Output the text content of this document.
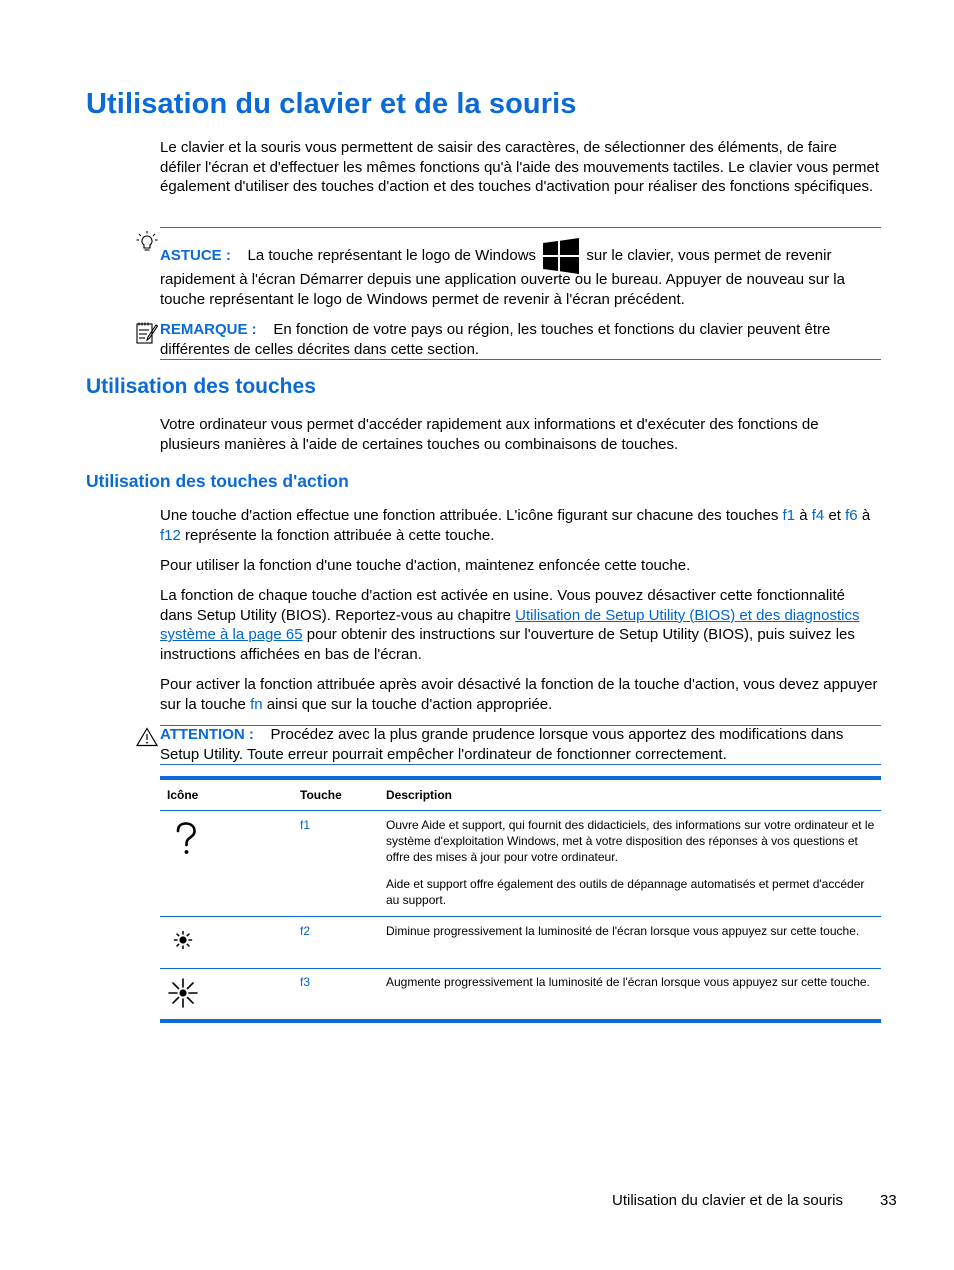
Utilisation du clavier et de la souris

Le clavier et la souris vous permettent de saisir des caractères, de sélectionner des éléments, de faire défiler l'écran et d'effectuer les mêmes fonctions qu'à l'aide des mouvements tactiles. Le clavier vous permet également d'utiliser des touches d'action et des touches d'activation pour réaliser des fonctions spécifiques.

ASTUCE : La touche représentant le logo de Windows	sur le clavier, vous permet de revenir

rapidement à l'écran Démarrer depuis une application ouverte ou le bureau. Appuyer de nouveau sur la touche représentant le logo de Windows permet de revenir à l'écran précédent.

REMARQUE : En fonction de votre pays ou région, les touches et fonctions du clavier peuvent être différentes de celles décrites dans cette section.
Utilisation des touches

Votre ordinateur vous permet d'accéder rapidement aux informations et d'exécuter des fonctions de plusieurs manières à l'aide de certaines touches ou combinaisons de touches.

Utilisation des touches d'action
Une touche d'action effectue une fonction attribuée. L'icône figurant sur chacune des touches f1 à f4 et f6 à f12 représente la fonction attribuée à cette touche.

Pour utiliser la fonction d'une touche d'action, maintenez enfoncée cette touche.

La fonction de chaque touche d'action est activée en usine. Vous pouvez désactiver cette fonctionnalité dans Setup Utility (BIOS). Reportez-vous au chapitre Utilisation de Setup Utility (BIOS) et des diagnostics système à la page 65 pour obtenir des instructions sur l'ouverture de Setup Utility (BIOS), puis suivez les instructions affichées en bas de l'écran.
Pour activer la fonction attribuée après avoir désactivé la fonction de la touche d'action, vous devez appuyer sur la touche fn ainsi que sur la touche d'action appropriée.
ATTENTION : Procédez avec la plus grande prudence lorsque vous apportez des modifications dans Setup Utility. Toute erreur pourrait empêcher l'ordinateur de fonctionner correctement.
Icône	Touche	Description
f1	Ouvre Aide et support, qui fournit des didacticiels, des informations sur votre ordinateur et le système d'exploitation Windows, met à votre disposition des réponses à vos questions et offre des mises à jour pour votre ordinateur.
Aide et support offre également des outils de dépannage automatisés et permet d'accéder au support.
f2	Diminue progressivement la luminosité de l'écran lorsque vous appuyez sur cette touche.
f3	Augmente progressivement la luminosité de l'écran lorsque vous appuyez sur cette touche.
Utilisation du clavier et de la souris 33
